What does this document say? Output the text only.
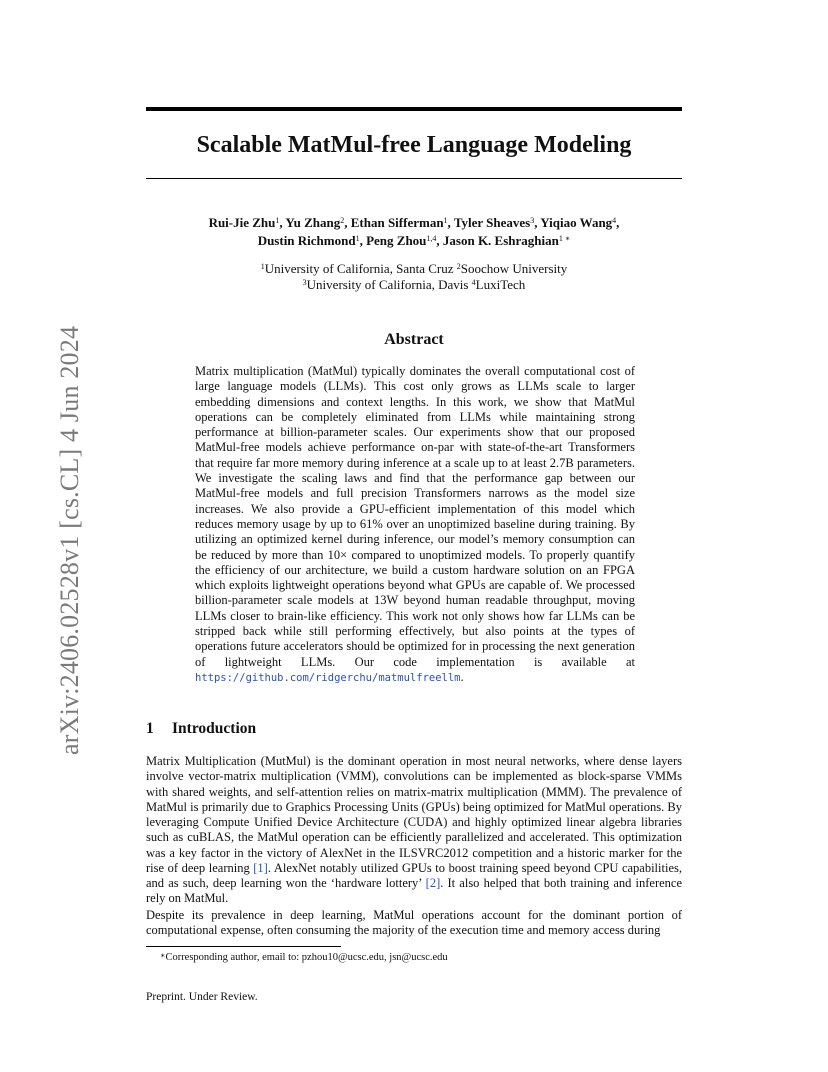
arXiv:2406.02528v1 [cs.CL] 4 Jun 2024
Scalable MatMul-free Language Modeling
Rui-Jie Zhu$^1$, Yu Zhang$^2$, Ethan Sifferman$^1$, Tyler Sheaves$^3$, Yiqiao Wang$^4$,
Dustin Richmond$^1$, Peng Zhou$^{1,4}$, Jason K. Eshraghian$^{1 ∗}$
$^1$University of California, Santa Cruz $^2$Soochow University
$^3$University of California, Davis $^4$LuxiTech
Abstract

Matrix multiplication (MatMul) typically dominates the overall computational cost of large language models (LLMs). This cost only grows as LLMs scale to larger embedding dimensions and context lengths. In this work, we show that MatMul operations can be completely eliminated from LLMs while maintaining strong performance at billion-parameter scales. Our experiments show that our proposed MatMul-free models achieve performance on-par with state-of-the-art Transformers that require far more memory during inference at a scale up to at least 2.7B parameters. We investigate the scaling laws and find that the performance gap between our MatMul-free models and full precision Transformers narrows as the model size increases. We also provide a GPU-efficient implementation of this model which reduces memory usage by up to 61% over an unoptimized baseline during training. By utilizing an optimized kernel during inference, our model’s memory consumption can be reduced by more than 10× compared to unoptimized models. To properly quantify the efficiency of our architecture, we build a custom hardware solution on an FPGA which exploits lightweight operations beyond what GPUs are capable of. We processed billion-parameter scale models at 13W beyond human readable throughput, moving LLMs closer to brain-like efficiency. This work not only shows how far LLMs can be stripped back while still performing effectively, but also points at the types of operations future accelerators should be optimized for in processing the next generation of lightweight LLMs. Our code implementation is available at https://github.com/ridgerchu/matmulfreellm.

1 Introduction

Matrix Multiplication (MutMul) is the dominant operation in most neural networks, where dense layers involve vector-matrix multiplication (VMM), convolutions can be implemented as block-sparse VMMs with shared weights, and self-attention relies on matrix-matrix multiplication (MMM). The prevalence of MatMul is primarily due to Graphics Processing Units (GPUs) being optimized for MatMul operations. By leveraging Compute Unified Device Architecture (CUDA) and highly optimized linear algebra libraries such as cuBLAS, the MatMul operation can be efficiently parallelized and accelerated. This optimization was a key factor in the victory of AlexNet in the ILSVRC2012 competition and a historic marker for the rise of deep learning [1]. AlexNet notably utilized GPUs to boost training speed beyond CPU capabilities, and as such, deep learning won the ‘hardware lottery’ [2]. It also helped that both training and inference rely on MatMul.

Despite its prevalence in deep learning, MatMul operations account for the dominant portion of computational expense, often consuming the majority of the execution time and memory access during

∗Corresponding author, email to: pzhou10@ucsc.edu, jsn@ucsc.edu
Preprint. Under Review.
